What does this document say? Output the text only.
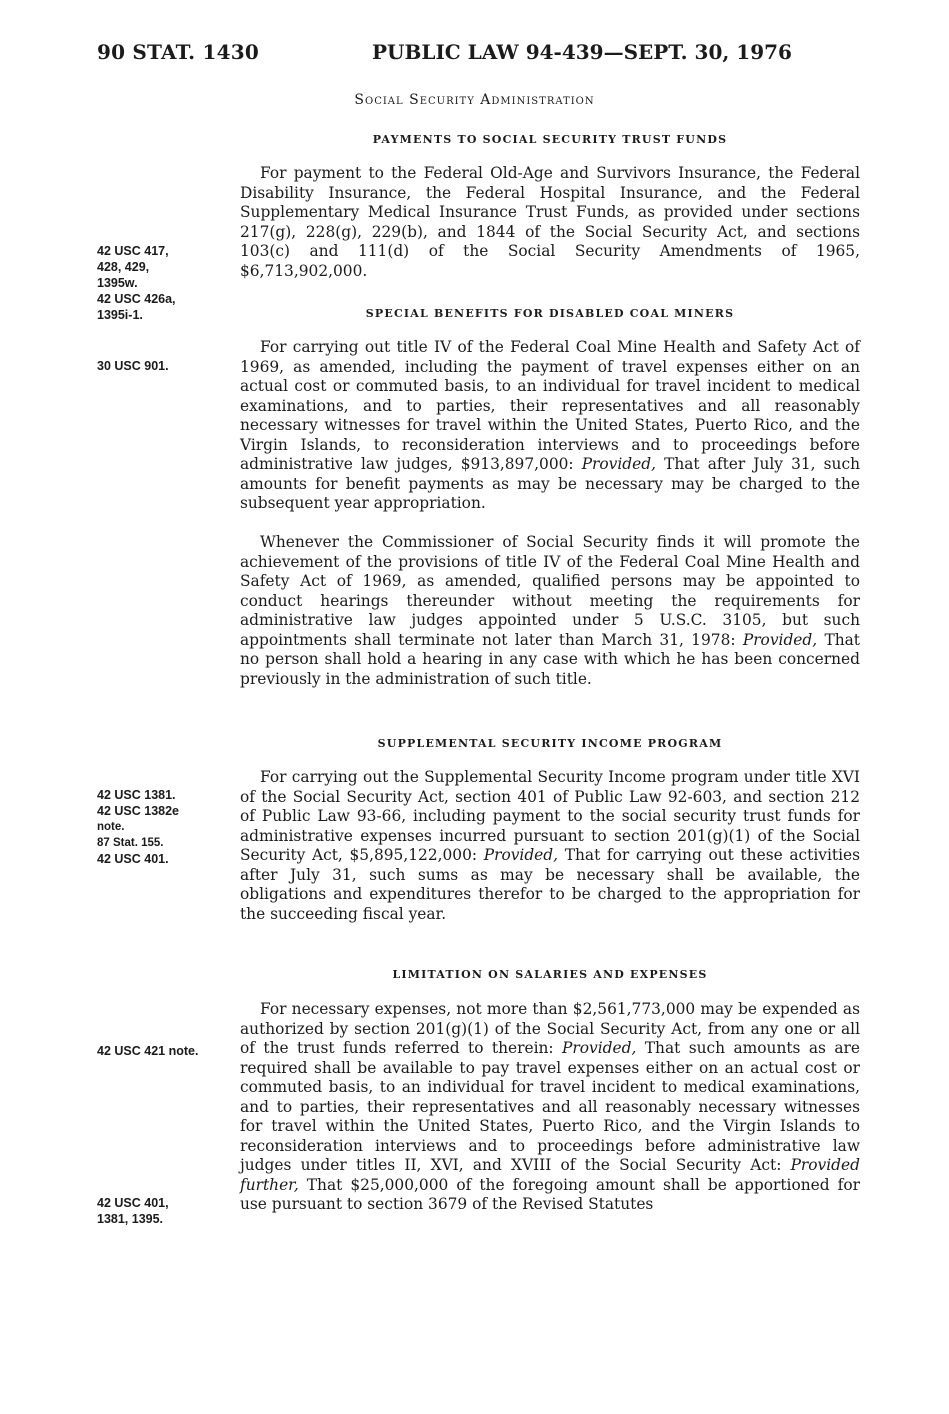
90 STAT. 1430	PUBLIC LAW 94-439—SEPT. 30, 1976
Social Security Administration
PAYMENTS TO SOCIAL SECURITY TRUST FUNDS

For payment to the Federal Old-Age and Survivors Insurance, the Federal Disability Insurance, the Federal Hospital Insurance, and the Federal Supplementary Medical Insurance Trust Funds, as provided under sections 217(g), 228(g), 229(b), and 1844 of the Social Security Act, and sections 103(c) and 111(d) of the Social Security Amendments of 1965, $6,713,902,000.

SPECIAL BENEFITS FOR DISABLED COAL MINERS

For carrying out title IV of the Federal Coal Mine Health and Safety Act of 1969, as amended, including the payment of travel expenses either on an actual cost or commuted basis, to an individual for travel incident to medical examinations, and to parties, their representatives and all reasonably necessary witnesses for travel within the United States, Puerto Rico, and the Virgin Islands, to reconsideration interviews and to proceedings before administrative law judges, $913,897,000: Provided, That after July 31, such amounts for benefit payments as may be necessary may be charged to the subsequent year appropriation.

Whenever the Commissioner of Social Security finds it will promote the achievement of the provisions of title IV of the Federal Coal Mine Health and Safety Act of 1969, as amended, qualified persons may be appointed to conduct hearings thereunder without meeting the requirements for administrative law judges appointed under 5 U.S.C. 3105, but such appointments shall terminate not later than March 31, 1978: Provided, That no person shall hold a hearing in any case with which he has been concerned previously in the administration of such title.

SUPPLEMENTAL SECURITY INCOME PROGRAM

For carrying out the Supplemental Security Income program under title XVI of the Social Security Act, section 401 of Public Law 92-603, and section 212 of Public Law 93-66, including payment to the social security trust funds for administrative expenses incurred pursuant to section 201(g)(1) of the Social Security Act, $5,895,122,000: Provided, That for carrying out these activities after July 31, such sums as may be necessary shall be available, the obligations and expenditures therefor to be charged to the appropriation for the succeeding fiscal year.

LIMITATION ON SALARIES AND EXPENSES

For necessary expenses, not more than $2,561,773,000 may be expended as authorized by section 201(g)(1) of the Social Security Act, from any one or all of the trust funds referred to therein: Provided, That such amounts as are required shall be available to pay travel expenses either on an actual cost or commuted basis, to an individual for travel incident to medical examinations, and to parties, their representatives and all reasonably necessary witnesses for travel within the United States, Puerto Rico, and the Virgin Islands to reconsideration interviews and to proceedings before administrative law judges under titles II, XVI, and XVIII of the Social Security Act: Provided further, That $25,000,000 of the foregoing amount shall be apportioned for use pursuant to section 3679 of the Revised Statutes

42 USC 417,
428, 429,
1395w.
42 USC 426a,
1395i-1.
30 USC 901.
42 USC 1381.
42 USC 1382e
note.
87 Stat. 155.
42 USC 401.
42 USC 421 note.
42 USC 401,
1381, 1395.
